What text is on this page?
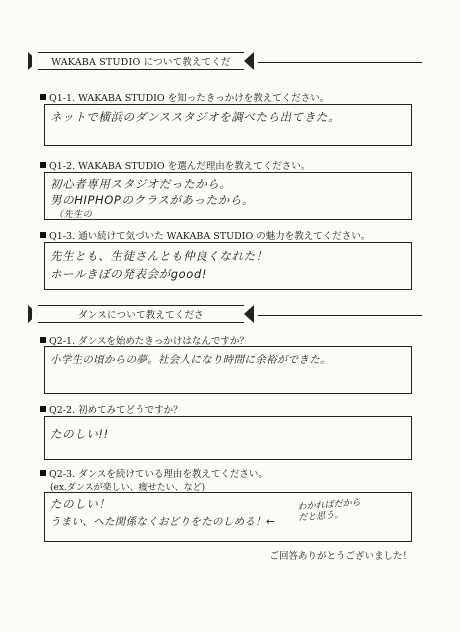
WAKABA STUDIO について教えてくだ
Q1-1. WAKABA STUDIO を知ったきっかけを教えてください。
ネットで横浜のダンススタジオを調べたら出てきた。
Q1-2. WAKABA STUDIO を選んだ理由を教えてください。
初心者専用スタジオだったから。
男のHIPHOPのクラスがあったから。
（先生の
Q1-3. 通い続けて気づいた WAKABA STUDIO の魅力を教えてください。
先生とも、生徒さんとも仲良くなれた！
ホールきぼの発表会がgood!
ダンスについて教えてくださ
Q2-1. ダンスを始めたきっかけはなんですか？
小学生の頃からの夢。社会人になり時間に余裕ができた。
Q2-2. 初めてみてどうですか？
たのしい!!
Q2-3. ダンスを続けている理由を教えてください。
(ex.ダンスが楽しい、痩せたい、など)
たのしい！
うまい、へた関係なくおどりをたのしめる！←
わかればだからだと思う。
ご回答ありがとうございました！
